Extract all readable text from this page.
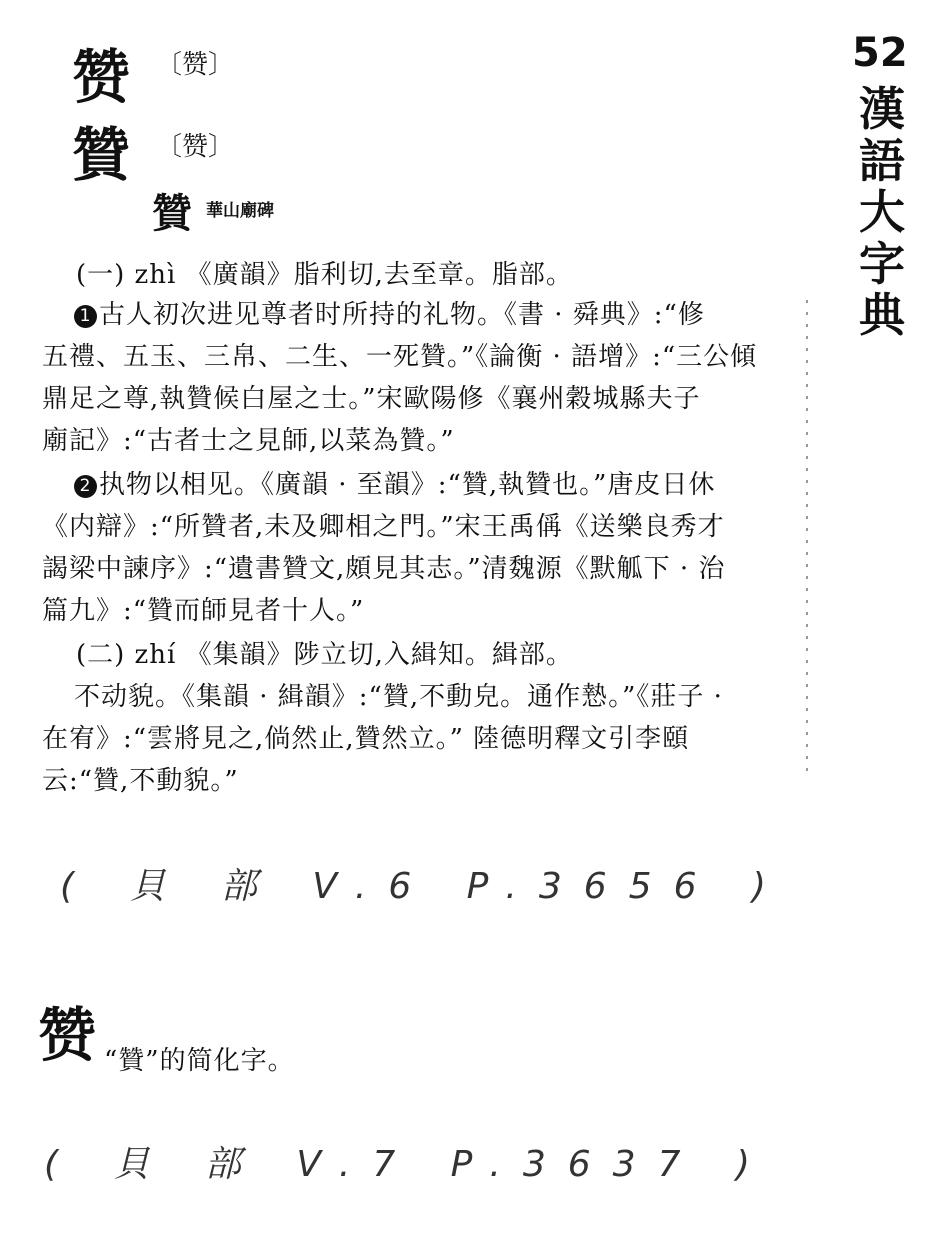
52
漢語大字典
赞 〔赞〕
贊 〔赞〕
贊 華山廟碑
(一) zhì 《廣韻》脂利切,去至章。脂部。
1 古人初次进见尊者时所持的礼物。《書 · 舜典》:“修
五禮、五玉、三帛、二生、一死贊。”《論衡 · 語增》:“三公傾
鼎足之尊,執贊候白屋之士。”宋歐陽修《襄州穀城縣夫子
廟記》:“古者士之見師,以菜為贊。”
2 执物以相见。《廣韻 · 至韻》:“贊,執贊也。”唐皮日休
《内辯》:“所贊者,未及卿相之門。”宋王禹偁《送樂良秀才
謁梁中諫序》:“遺書贊文,頗見其志。”清魏源《默觚下 · 治
篇九》:“贊而師見者十人。”
(二) zhí 《集韻》陟立切,入緝知。緝部。
不动貌。《集韻 · 緝韻》:“贊,不動皃。通作慹。”《莊子 ·
在宥》:“雲將見之,倘然止,贊然立。” 陸德明釋文引李頤
云:“贊,不動貌。”
( 貝 部 V.6 P.3656 )
赞 “贊”的简化字。
( 貝 部 V.7 P.3637 )
